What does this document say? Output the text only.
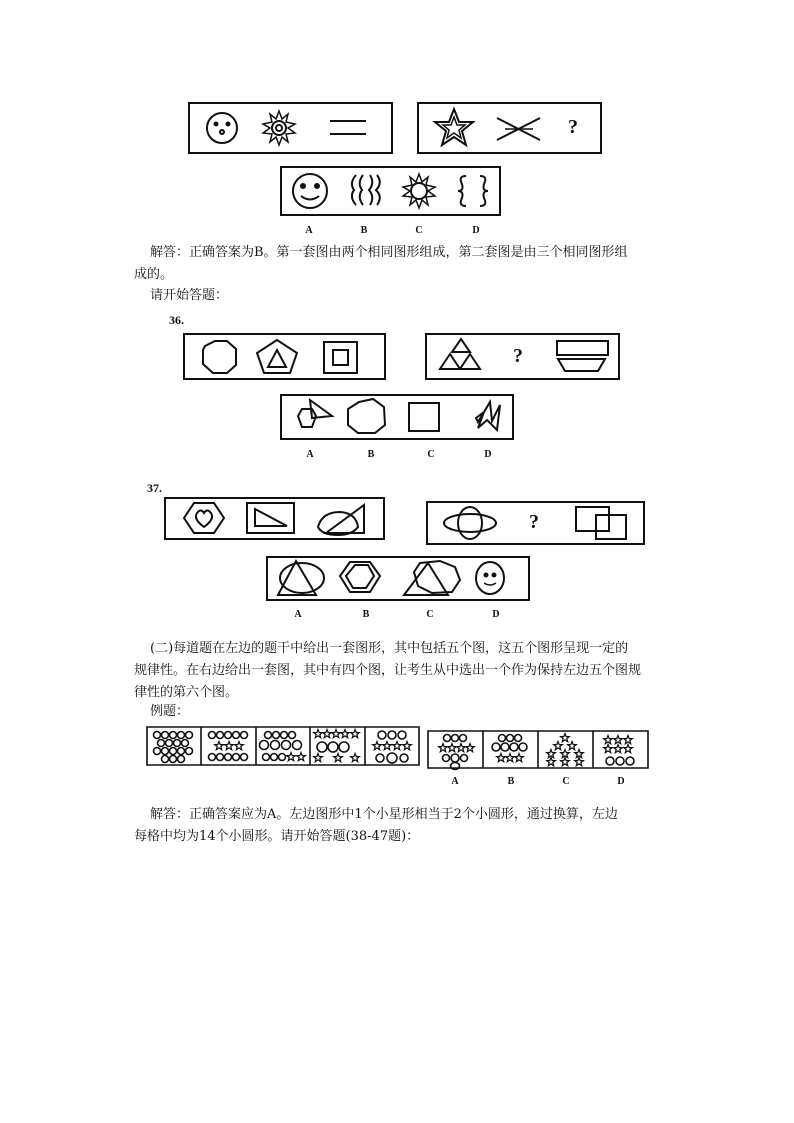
A	B	C	D
?
解答：正确答案为B。第一套图由两个相同图形组成，第二套图是由三个相同图形组
成的。
请开始答题：
36.
?
A	B	C	D
37.
?
A	B	C	D
(二)每道题在左边的题干中给出一套图形，其中包括五个图，这五个图形呈现一定的
规律性。在右边给出一套图，其中有四个图，让考生从中选出一个作为保持左边五个图规
律性的第六个图。
例题：
A	B	C	D
解答：正确答案应为A。左边图形中1个小星形相当于2个小圆形，通过换算，左边
每格中均为14个小圆形。请开始答题(38-47题)：
